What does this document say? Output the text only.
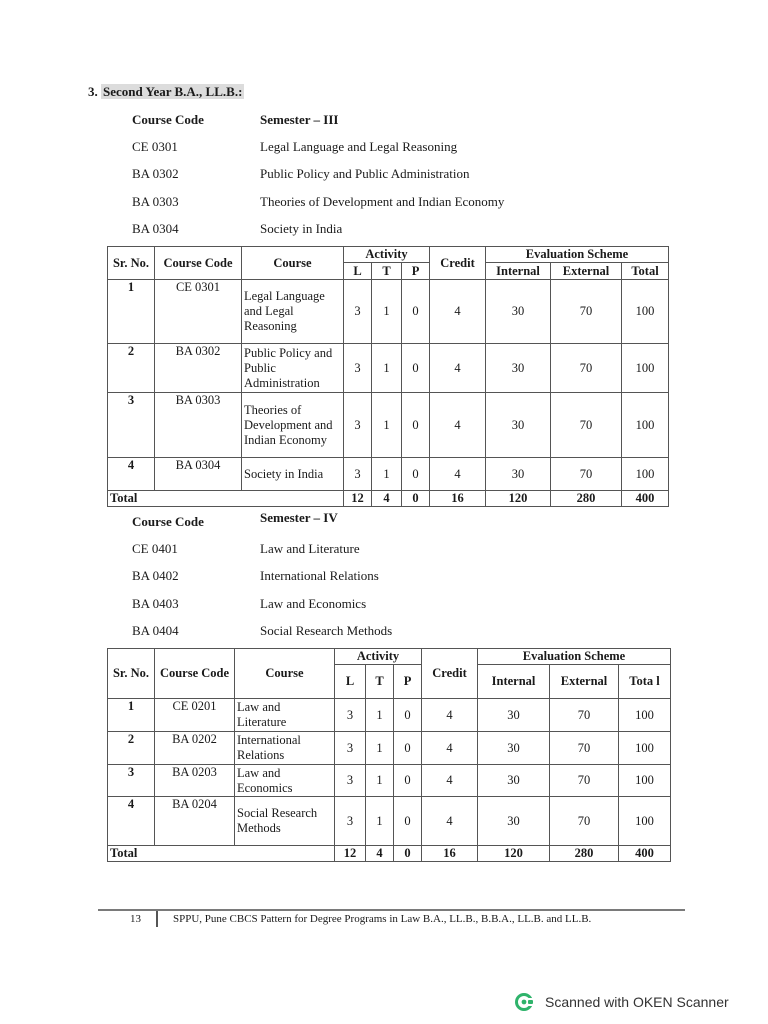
3. Second Year B.A., LL.B.:
Course Code	Semester – III
CE 0301	Legal Language and Legal Reasoning
BA 0302	Public Policy and Public Administration
BA 0303	Theories of Development and Indian Economy
BA 0304	Society in India
Sr. No.	Course Code	Course	Activity			Credit	Evaluation Scheme		
			L	T	P		Internal	External	Total
1	CE 0301	Legal Language and Legal Reasoning	3	1	0	4	30	70	100
2	BA 0302	Public Policy and Public Administration	3	1	0	4	30	70	100
3	BA 0303	Theories of Development and Indian Economy	3	1	0	4	30	70	100
4	BA 0304	Society in India	3	1	0	4	30	70	100
Total			12	4	0	16	120	280	400
Course Code	Semester – IV
CE 0401	Law and Literature
BA 0402	International Relations
BA 0403	Law and Economics
BA 0404	Social Research Methods
Sr. No.	Course Code	Course	Activity			Credit	Evaluation Scheme		
			L	T	P		Internal	External	Tota l
1	CE 0201	Law and Literature	3	1	0	4	30	70	100
2	BA 0202	International Relations	3	1	0	4	30	70	100
3	BA 0203	Law and Economics	3	1	0	4	30	70	100
4	BA 0204	Social Research Methods	3	1	0	4	30	70	100
Total			12	4	0	16	120	280	400
13	SPPU, Pune CBCS Pattern for Degree Programs in Law B.A., LL.B., B.B.A., LL.B. and LL.B.
Scanned with OKEN Scanner
